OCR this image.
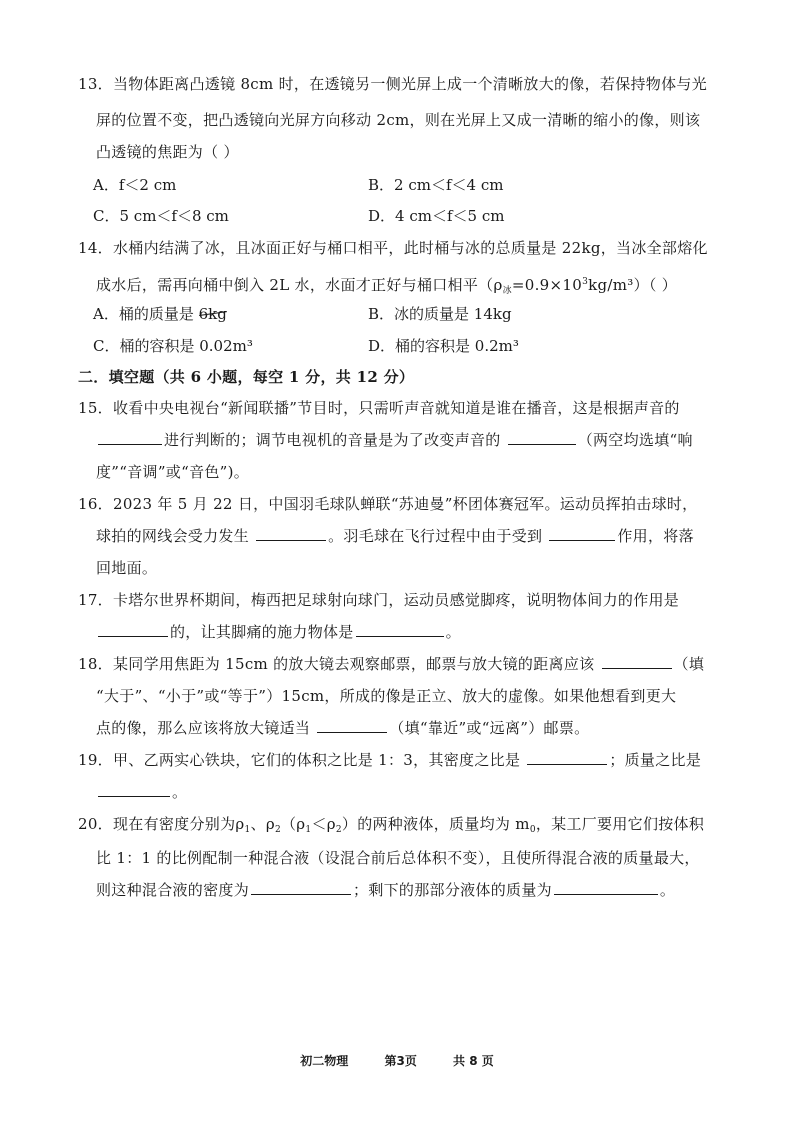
13．当物体距离凸透镜 8cm 时，在透镜另一侧光屏上成一个清晰放大的像，若保持物体与光
屏的位置不变，把凸透镜向光屏方向移动 2cm，则在光屏上又成一清晰的缩小的像，则该
凸透镜的焦距为（ ）
A．f＜2 cm	B．2 cm＜f＜4 cm
C．5 cm＜f＜8 cm	D．4 cm＜f＜5 cm
14．水桶内结满了冰，且冰面正好与桶口相平，此时桶与冰的总质量是 22kg，当冰全部熔化
成水后，需再向桶中倒入 2L 水，水面才正好与桶口相平$(\rho_冰=0.9\times 10^3kg/m^3)$（ ）
A．桶的质量是 6kg	B．冰的质量是 14kg
C．桶的容积是 0.02m³	D．桶的容积是 0.2m³
二．填空题（共 6 小题，每空 1 分，共 12 分）
15．收看中央电视台“新闻联播”节目时，只需听声音就知道是谁在播音，这是根据声音的
进行判断的；调节电视机的音量是为了改变声音的	（两空均选填“响
度”“音调”或“音色”)。
16．2023 年 5 月 22 日，中国羽毛球队蝉联“苏迪曼”杯团体赛冠军。运动员挥拍击球时，
球拍的网线会受力发生	。羽毛球在飞行过程中由于受到	作用，将落
回地面。
17．卡塔尔世界杯期间，梅西把足球射向球门，运动员感觉脚疼，说明物体间力的作用是
的，让其脚痛的施力物体是	。
18．某同学用焦距为 15cm 的放大镜去观察邮票，邮票与放大镜的距离应该	（填
“大于”、“小于”或“等于”）15cm，所成的像是正立、放大的虚像。如果他想看到更大
点的像，那么应该将放大镜适当	（填“靠近”或“远离”）邮票。
19．甲、乙两实心铁块，它们的体积之比是 1：3，其密度之比是	；质量之比是
。
20．现在有密度分别为$\rho_1$、$\rho_2(\rho_1<\rho_2)$的两种液体，质量均为 $m_0$，某工厂要用它们按体积
比 1：1 的比例配制一种混合液（设混合前后总体积不变），且使所得混合液的质量最大，
则这种混合液的密度为	；剩下的那部分液体的质量为	。
初二物理	第3页	共 8 页
